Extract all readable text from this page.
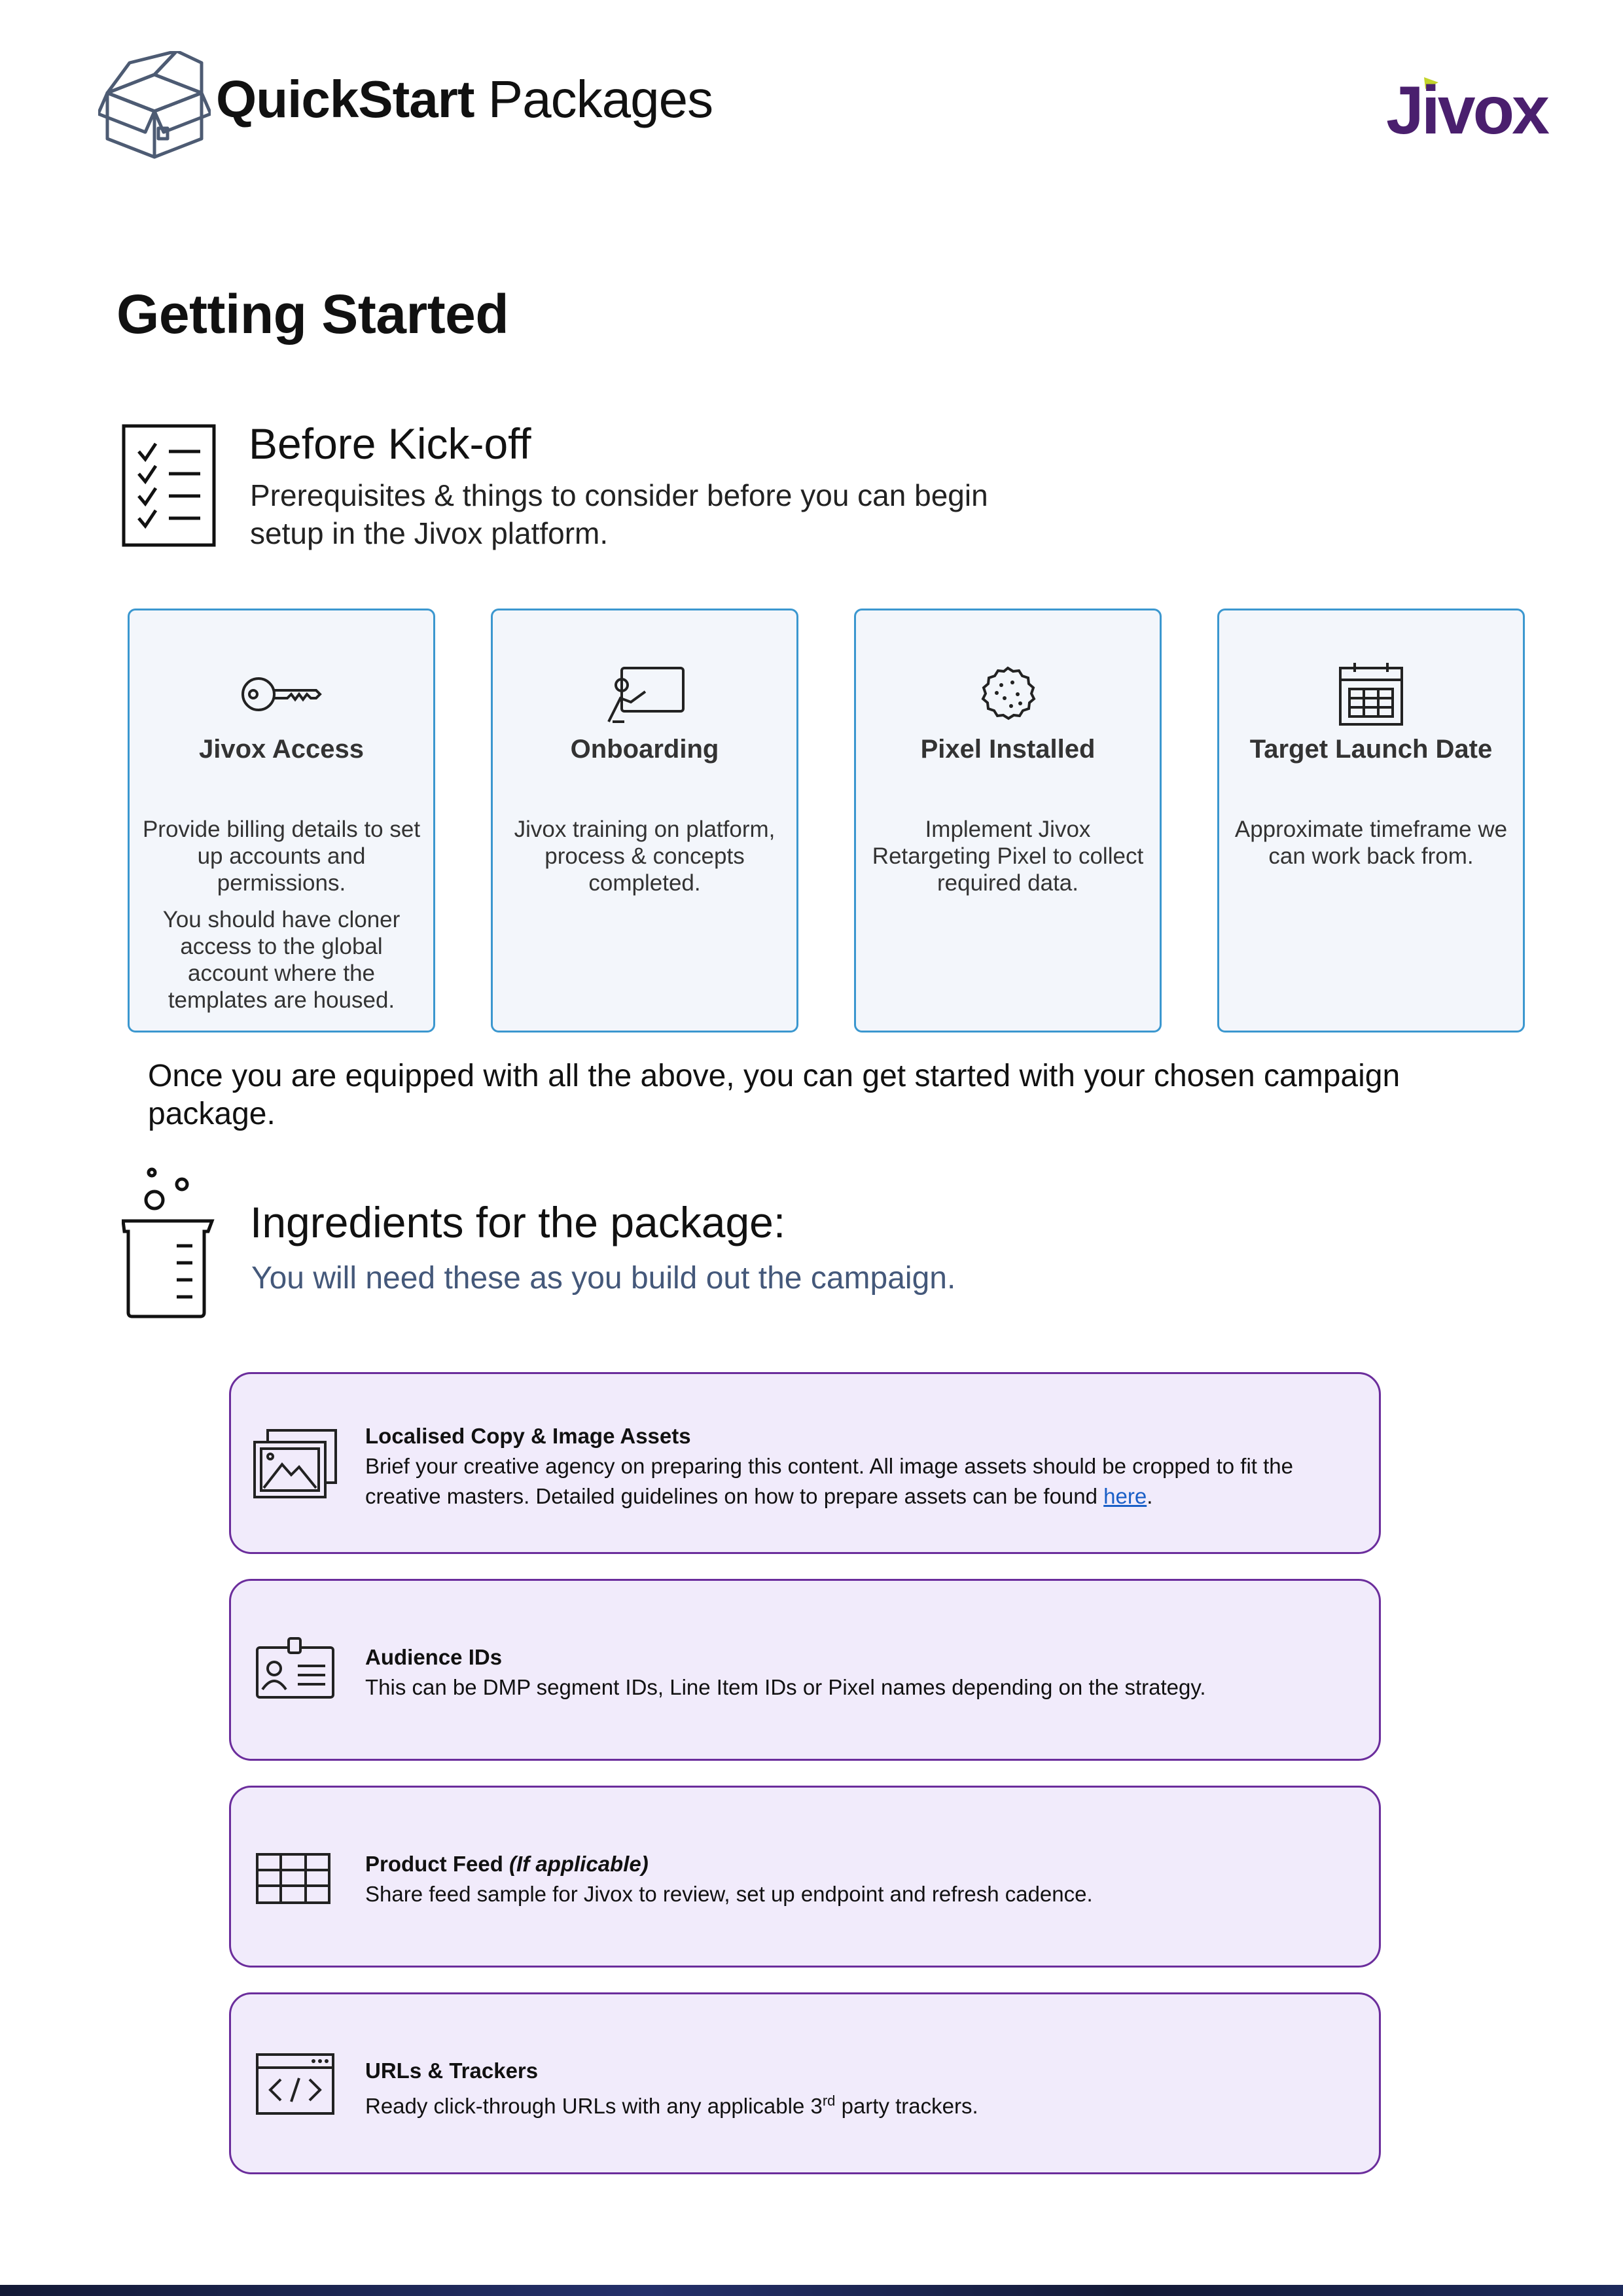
QuickStart Packages	Jivox
Getting Started
Before Kick-off
Prerequisites & things to consider before you can begin setup in the Jivox platform.
Jivox Access
Provide billing details to set up accounts and permissions.
You should have cloner access to the global account where the templates are housed.
Onboarding
Jivox training on platform, process & concepts completed.
Pixel Installed
Implement Jivox Retargeting Pixel to collect required data.
Target Launch Date
Approximate timeframe we can work back from.
Once you are equipped with all the above, you can get started with your chosen campaign package.
Ingredients for the package:
You will need these as you build out the campaign.
Localised Copy & Image Assets
Brief your creative agency on preparing this content. All image assets should be cropped to fit the creative masters. Detailed guidelines on how to prepare assets can be found here.
Audience IDs
This can be DMP segment IDs, Line Item IDs or Pixel names depending on the strategy.
Product Feed (If applicable)
Share feed sample for Jivox to review, set up endpoint and refresh cadence.
URLs & Trackers
Ready click-through URLs with any applicable 3rd party trackers.
